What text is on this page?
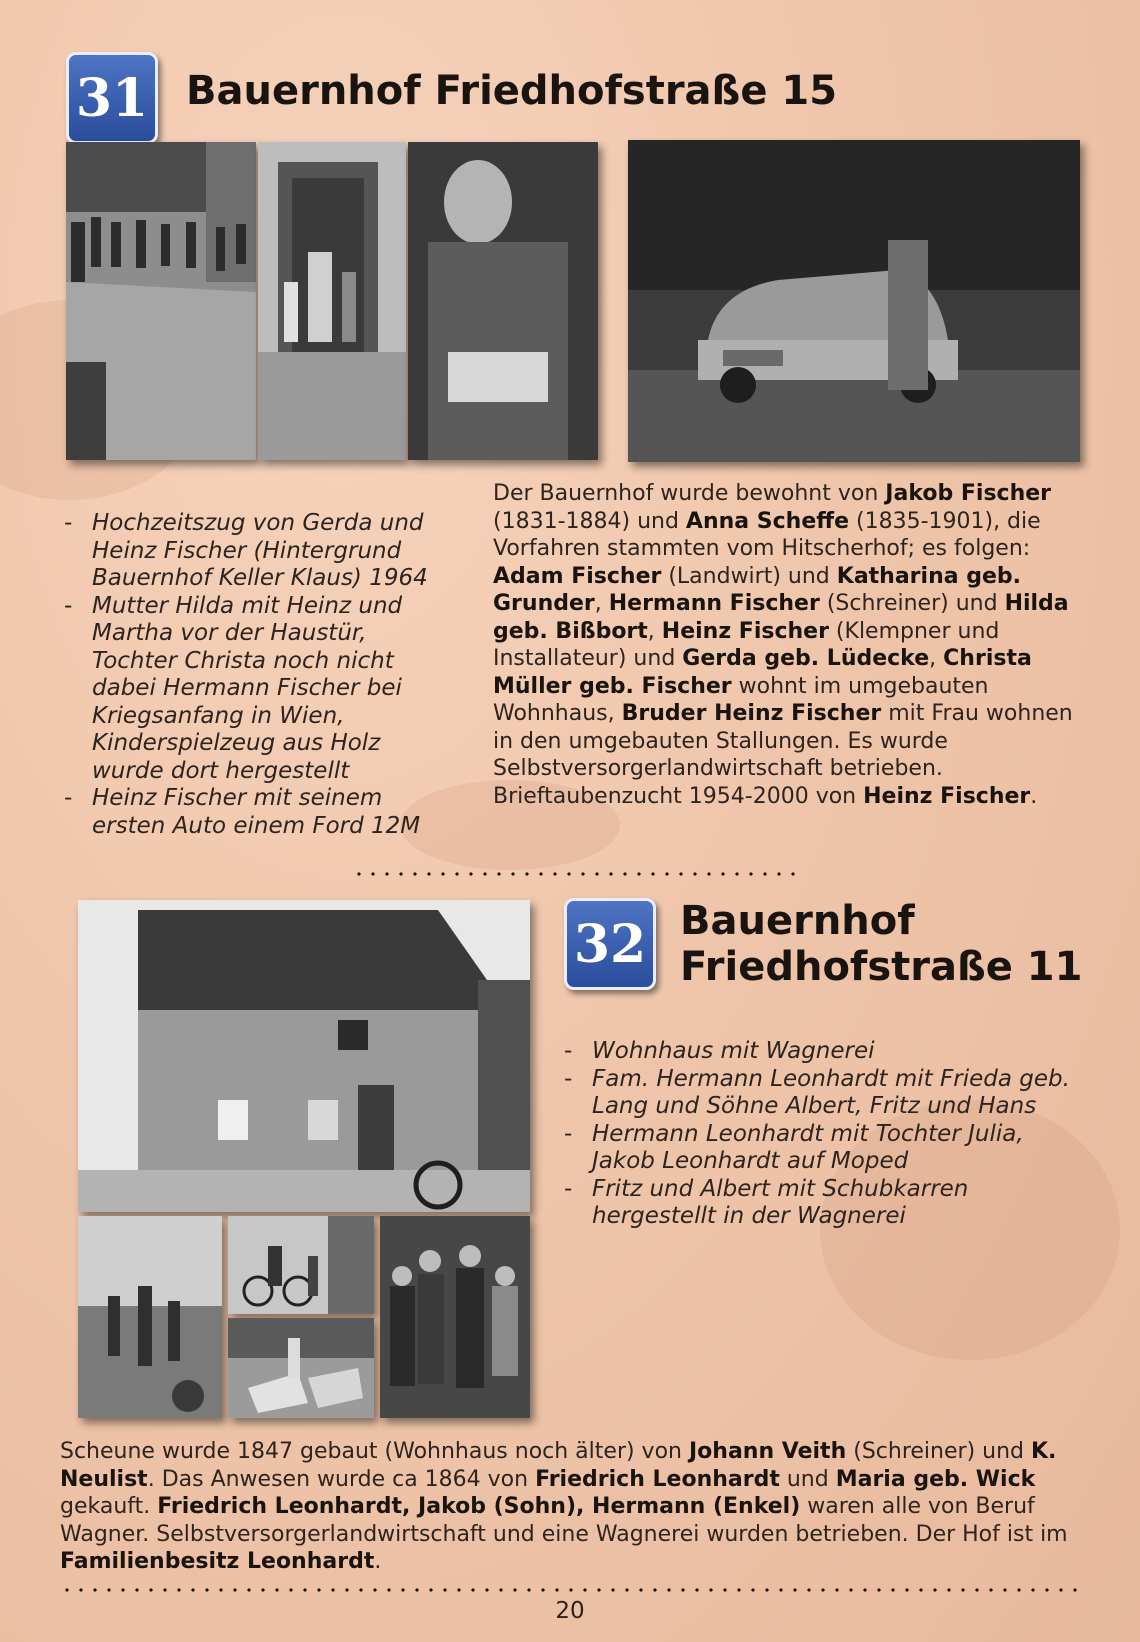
31 Bauernhof Friedhofstraße 15
- Hochzeitszug von Gerda und Heinz Fischer (Hintergrund Bauernhof Keller Klaus) 1964
- Mutter Hilda mit Heinz und Martha vor der Haustür, Tochter Christa noch nicht dabei Hermann Fischer bei Kriegsanfang in Wien, Kinderspielzeug aus Holz wurde dort hergestellt
- Heinz Fischer mit seinem ersten Auto einem Ford 12M
Der Bauernhof wurde bewohnt von Jakob Fischer (1831-1884) und Anna Scheffe (1835-1901), die Vorfahren stammten vom Hitscherhof; es folgen: Adam Fischer (Landwirt) und Katharina geb. Grunder, Hermann Fischer (Schreiner) und Hilda geb. Bißbort, Heinz Fischer (Klempner und Installateur) und Gerda geb. Lüdecke, Christa Müller geb. Fischer wohnt im umgebauten Wohnhaus, Bruder Heinz Fischer mit Frau wohnen in den umgebauten Stallungen. Es wurde Selbstversorgerlandwirtschaft betrieben. Brieftaubenzucht 1954-2000 von Heinz Fischer.
32 Bauernhof
Friedhofstraße 11
- Wohnhaus mit Wagnerei
- Fam. Hermann Leonhardt mit Frieda geb. Lang und Söhne Albert, Fritz und Hans
- Hermann Leonhardt mit Tochter Julia, Jakob Leonhardt auf Moped
- Fritz und Albert mit Schubkarren hergestellt in der Wagnerei
Scheune wurde 1847 gebaut (Wohnhaus noch älter) von Johann Veith (Schreiner) und K. Neulist. Das Anwesen wurde ca 1864 von Friedrich Leonhardt und Maria geb. Wick gekauft. Friedrich Leonhardt, Jakob (Sohn), Hermann (Enkel) waren alle von Beruf Wagner. Selbstversorgerlandwirtschaft und eine Wagnerei wurden betrieben. Der Hof ist im Familienbesitz Leonhardt.
20
